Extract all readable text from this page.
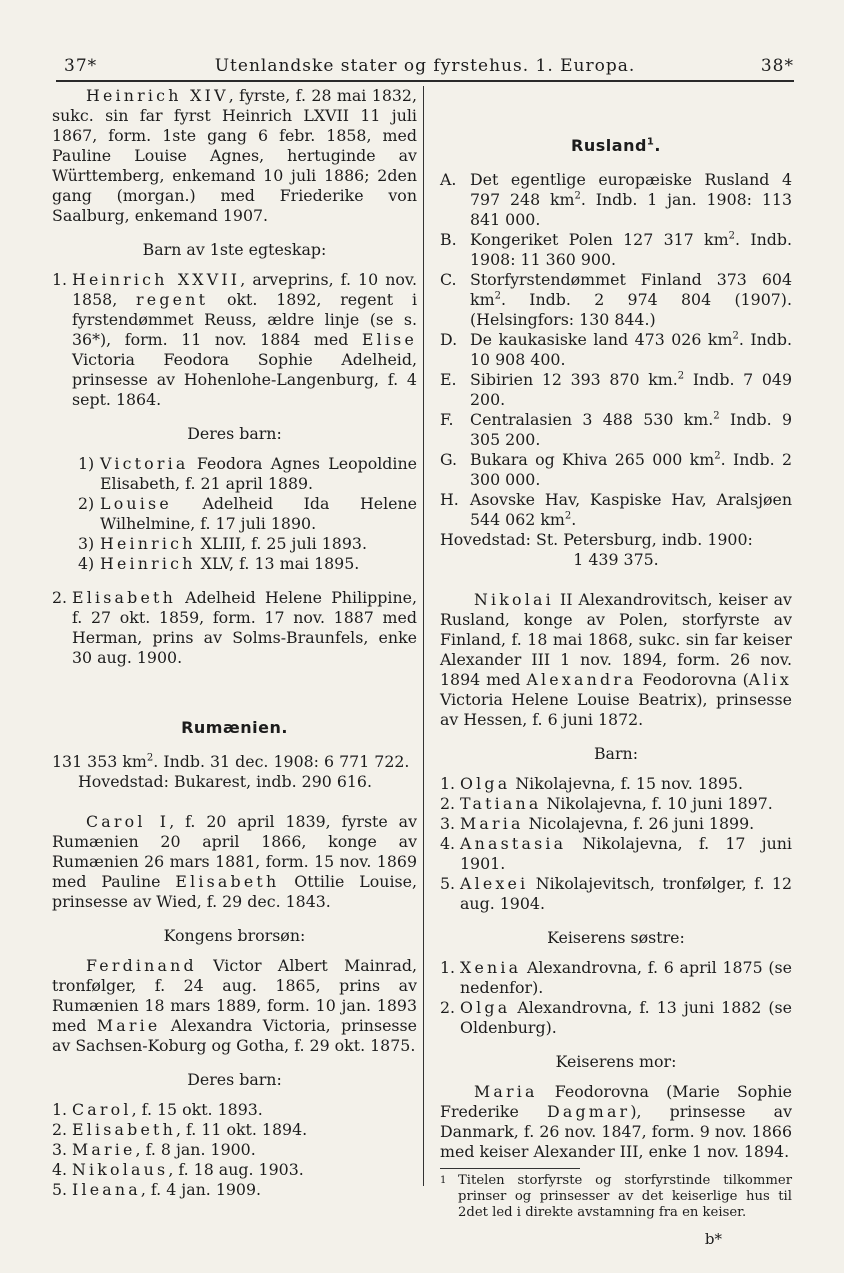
37*	Utenlandske stater og fyrstehus. 1. Europa.	38*

Heinrich XIV, fyrste, f. 28 mai 1832, sukc. sin far fyrst Heinrich LXVII 11 juli 1867, form. 1ste gang 6 febr. 1858, med Pauline Louise Agnes, hertuginde av Württemberg, enkemand 10 juli 1886; 2den gang (morgan.) med Friederike von Saalburg, enkemand 1907.

Barn av 1ste egteskap:

1. Heinrich XXVII, arveprins, f. 10 nov. 1858, regent okt. 1892, regent i fyrstendømmet Reuss, ældre linje (se s. 36*), form. 11 nov. 1884 med Elise Victoria Feodora Sophie Adelheid, prinsesse av Hohenlohe-Langenburg, f. 4 sept. 1864.

Deres barn:

1) Victoria Feodora Agnes Leopoldine Elisabeth, f. 21 april 1889.
2) Louise Adelheid Ida Helene Wilhelmine, f. 17 juli 1890.
3) Heinrich XLIII, f. 25 juli 1893.
4) Heinrich XLV, f. 13 mai 1895.
2. Elisabeth Adelheid Helene Philippine, f. 27 okt. 1859, form. 17 nov. 1887 med Herman, prins av Solms-Braunfels, enke 30 aug. 1900.

Rumænien.

131 353 $km^2$. Indb. 31 dec. 1908: 6 771 722.

Hovedstad: Bukarest, indb. 290 616.

Carol I, f. 20 april 1839, fyrste av Rumænien 20 april 1866, konge av Rumænien 26 mars 1881, form. 15 nov. 1869 med Pauline Elisabeth Ottilie Louise, prinsesse av Wied, f. 29 dec. 1843.

Kongens brorsøn:

Ferdinand Victor Albert Mainrad, tronfølger, f. 24 aug. 1865, prins av Rumænien 18 mars 1889, form. 10 jan. 1893 med Marie Alexandra Victoria, prinsesse av Sachsen-Koburg og Gotha, f. 29 okt. 1875.

Deres barn:

1. Carol, f. 15 okt. 1893.
2. Elisabeth, f. 11 okt. 1894.
3. Marie, f. 8 jan. 1900.
4. Nikolaus, f. 18 aug. 1903.
5. Ileana, f. 4 jan. 1909.

Rusland$^1$.

A. Det egentlige europæiske Rusland 4 797 248 $km^2$. Indb. 1 jan. 1908: 113 841 000.
B. Kongeriket Polen 127 317 $km^2$. Indb. 1908: 11 360 900.
C. Storfyrstendømmet Finland 373 604 $km^2$. Indb. 2 974 804 (1907). (Helsingfors: 130 844.)
D. De kaukasiske land 473 026 $km^2$. Indb. 10 908 400.
E. Sibirien 12 393 870 km.$^2$ Indb. 7 049 200.
F.	Centralasien 3 488 530 km.$^2$ Indb. 9 305 200.
G. Bukara og Khiva 265 000 $km^2$. Indb. 2 300 000.
H. Asovske Hav, Kaspiske Hav, Aralsjøen 544 062 $km^2$.

Hovedstad: St. Petersburg, indb. 1900:

1 439 375.

Nikolai II Alexandrovitsch, keiser av Rusland, konge av Polen, storfyrste av Finland, f. 18 mai 1868, sukc. sin far keiser Alexander III 1 nov. 1894, form. 26 nov. 1894 med Alexandra Feodorovna (Alix Victoria Helene Louise Beatrix), prinsesse av Hessen, f. 6 juni 1872.

Barn:

1. Olga Nikolajevna, f. 15 nov. 1895.
2. Tatiana Nikolajevna, f. 10 juni 1897.
3. Maria Nicolajevna, f. 26 juni 1899.
4. Anastasia Nikolajevna, f. 17 juni 1901.
5. Alexei Nikolajevitsch, tronfølger, f. 12 aug. 1904.

Keiserens søstre:

1. Xenia Alexandrovna, f. 6 april 1875 (se nedenfor).
2. Olga Alexandrovna, f. 13 juni 1882 (se Oldenburg).

Keiserens mor:

Maria Feodorovna (Marie Sophie Frederike Dagmar), prinsesse av Danmark, f. 26 nov. 1847, form. 9 nov. 1866 med keiser Alexander III, enke 1 nov. 1894.

1 Titelen storfyrste og storfyrstinde tilkommer prinser og prinsesser av det keiserlige hus til 2det led i direkte avstamning fra en keiser.

b*
